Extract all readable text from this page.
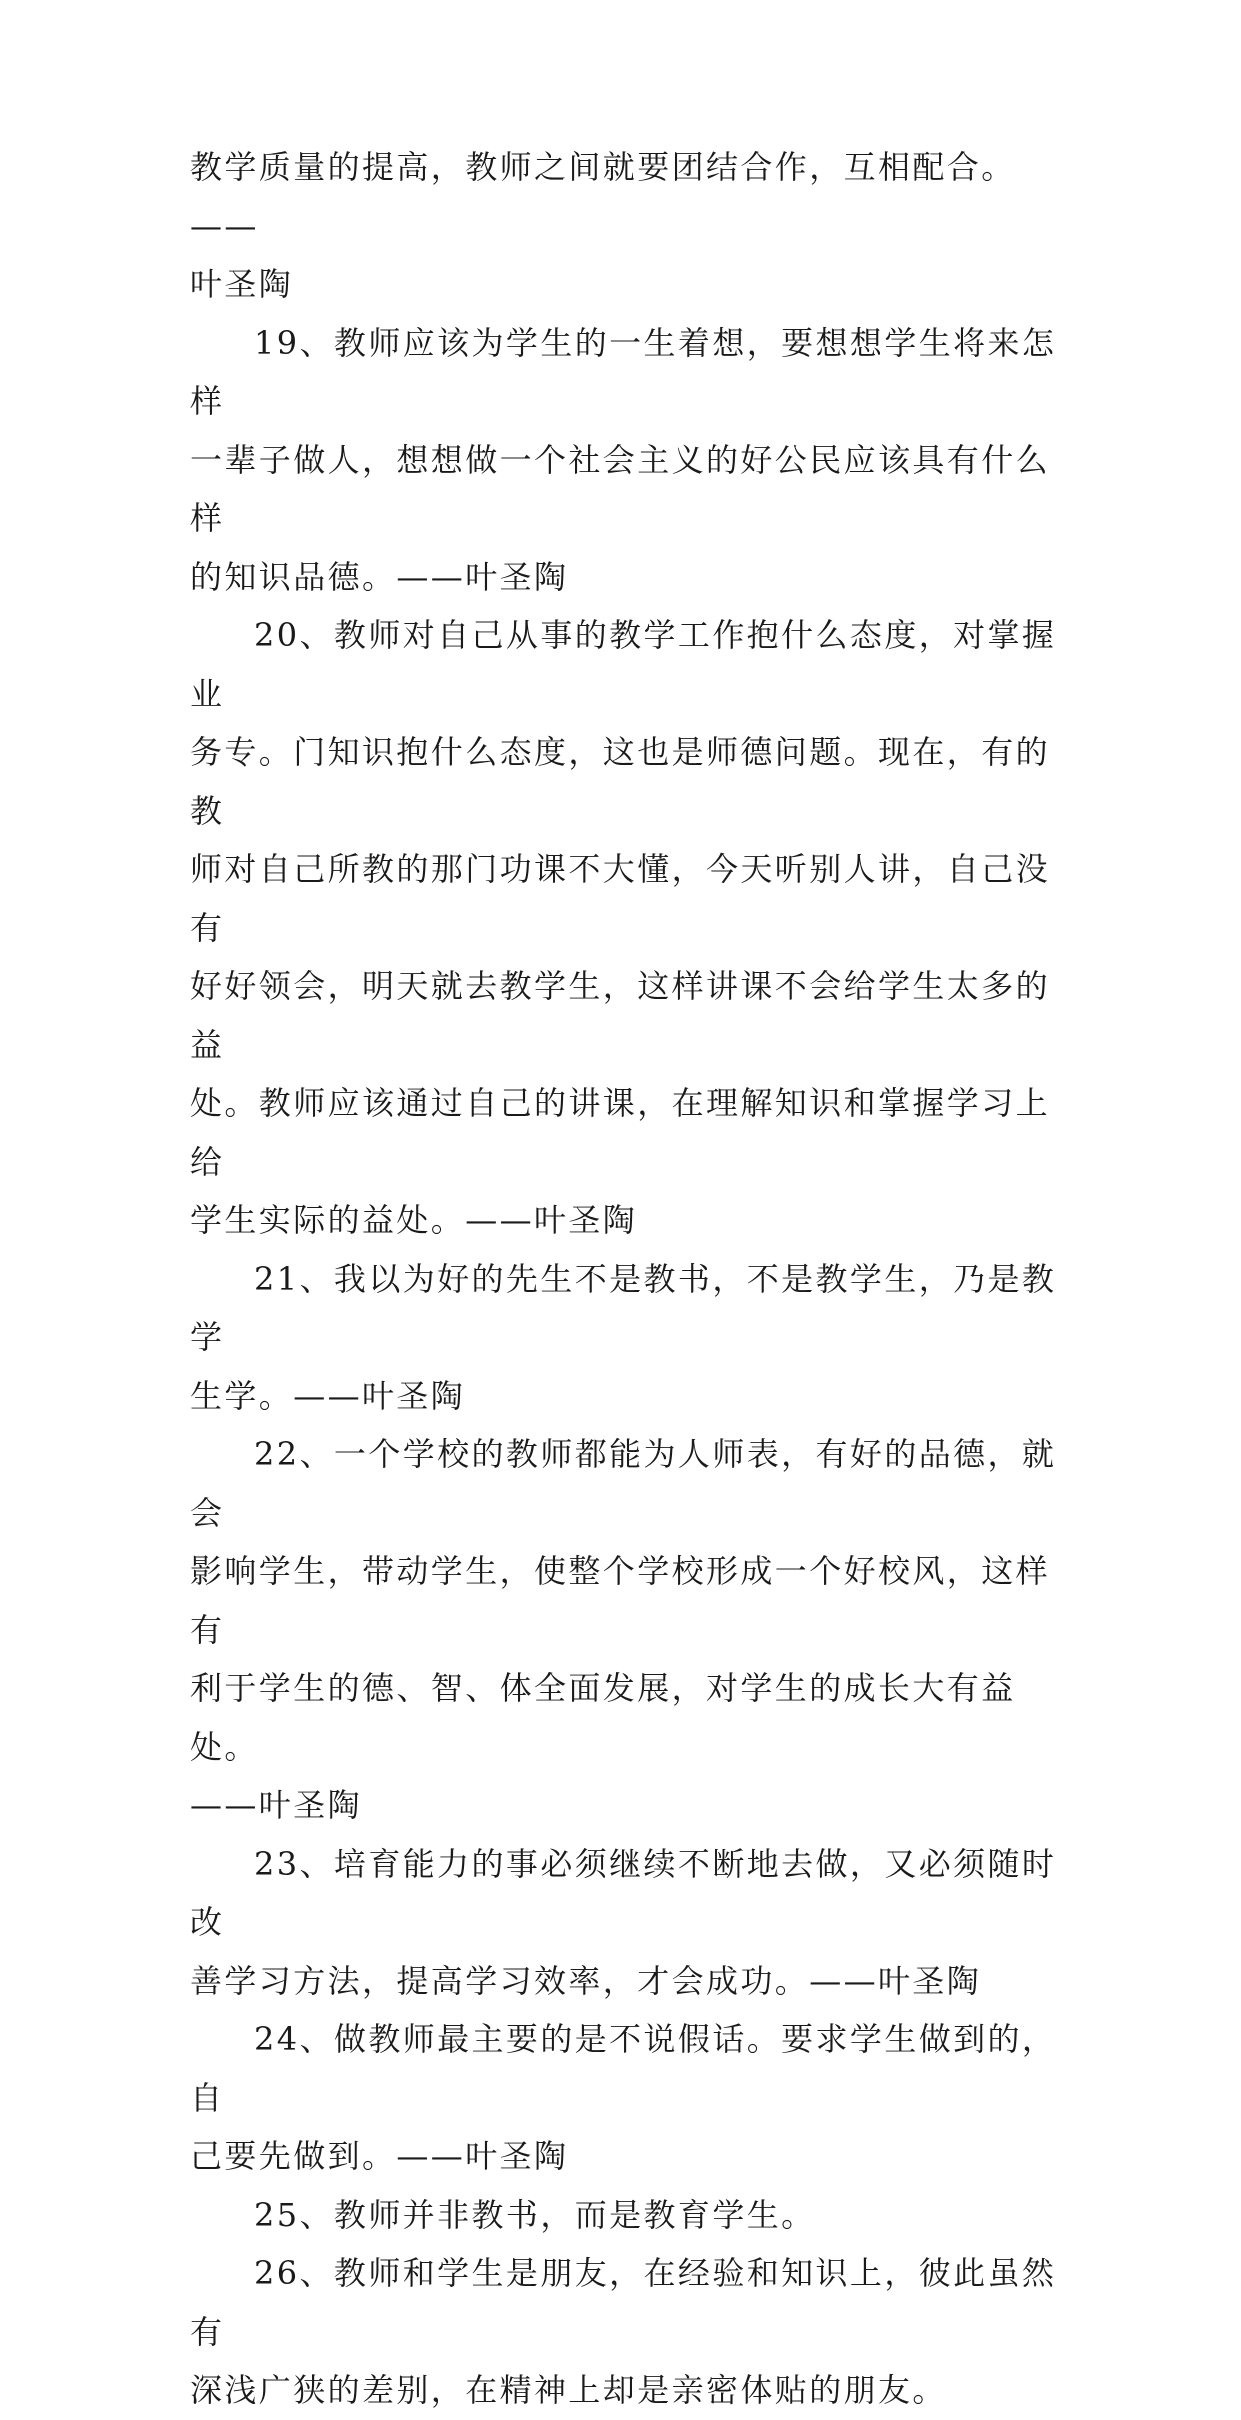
教学质量的提高，教师之间就要团结合作，互相配合。——
叶圣陶

19、教师应该为学生的一生着想，要想想学生将来怎样
一辈子做人，想想做一个社会主义的好公民应该具有什么样
的知识品德。——叶圣陶

20、教师对自己从事的教学工作抱什么态度，对掌握业
务专。门知识抱什么态度，这也是师德问题。现在，有的教
师对自己所教的那门功课不大懂，今天听别人讲，自己没有
好好领会，明天就去教学生，这样讲课不会给学生太多的益
处。教师应该通过自己的讲课，在理解知识和掌握学习上给
学生实际的益处。——叶圣陶

21、我以为好的先生不是教书，不是教学生，乃是教学
生学。——叶圣陶

22、一个学校的教师都能为人师表，有好的品德，就会
影响学生，带动学生，使整个学校形成一个好校风，这样有
利于学生的德、智、体全面发展，对学生的成长大有益处。
——叶圣陶

23、培育能力的事必须继续不断地去做，又必须随时改
善学习方法，提高学习效率，才会成功。——叶圣陶

24、做教师最主要的是不说假话。要求学生做到的，自
己要先做到。——叶圣陶

25、教师并非教书，而是教育学生。

26、教师和学生是朋友，在经验和知识上，彼此虽然有
深浅广狭的差别，在精神上却是亲密体贴的朋友。
